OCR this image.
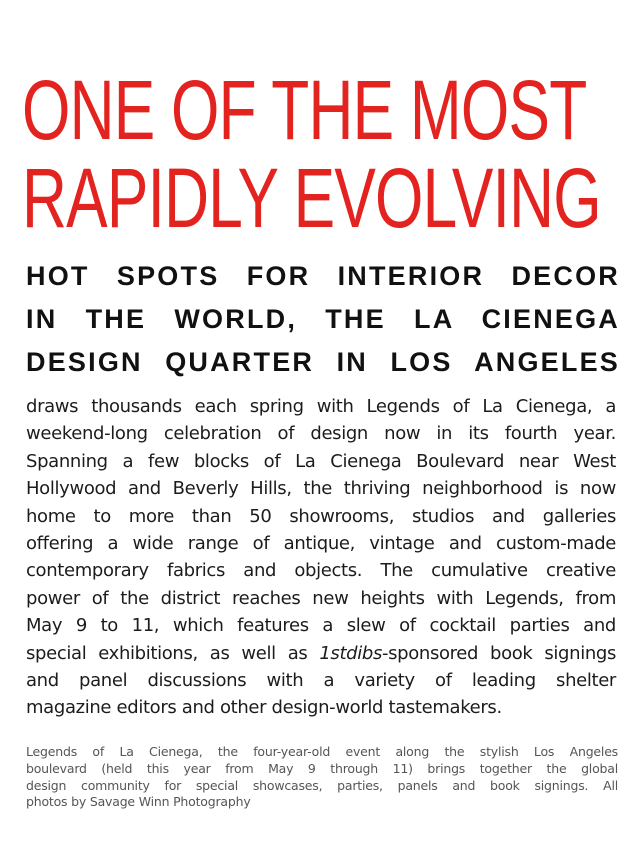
ONE OF THE MOST
RAPIDLY EVOLVING
HOT SPOTS FOR INTERIOR DECOR
IN THE WORLD, THE LA CIENEGA
DESIGN QUARTER IN LOS ANGELES
draws thousands each spring with Legends of La Cienega, a
weekend-long celebration of design now in its fourth year.
Spanning a few blocks of La Cienega Boulevard near West
Hollywood and Beverly Hills, the thriving neighborhood is now
home to more than 50 showrooms, studios and galleries
offering a wide range of antique, vintage and custom-made
contemporary fabrics and objects. The cumulative creative
power of the district reaches new heights with Legends, from
May 9 to 11, which features a slew of cocktail parties and
special exhibitions, as well as 1stdibs-sponsored book signings
and panel discussions with a variety of leading shelter
magazine editors and other design-world tastemakers.
Legends of La Cienega, the four-year-old event along the stylish Los Angeles
boulevard (held this year from May 9 through 11) brings together the global
design community for special showcases, parties, panels and book signings. All
photos by Savage Winn Photography
